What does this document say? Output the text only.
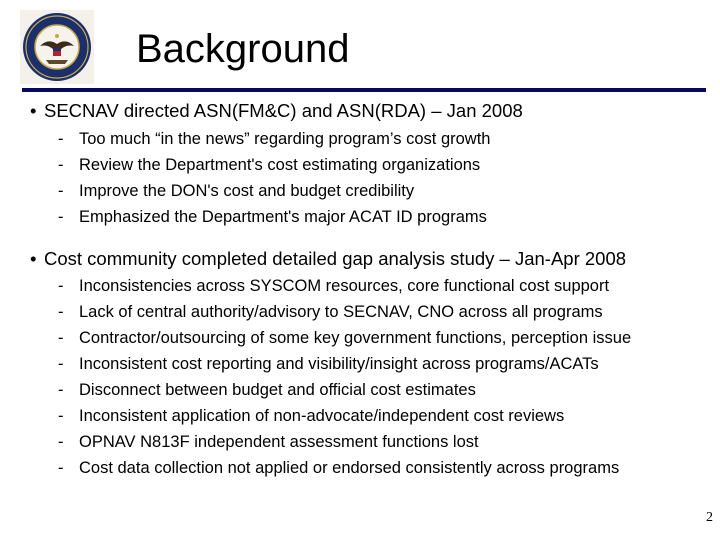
Background
• SECNAV directed ASN(FM&C) and ASN(RDA) – Jan 2008
- Too much “in the news” regarding program’s cost growth
- Review the Department's cost estimating organizations
- Improve the DON's cost and budget credibility
- Emphasized the Department's major ACAT ID programs
• Cost community completed detailed gap analysis study – Jan-Apr 2008
- Inconsistencies across SYSCOM resources, core functional cost support
- Lack of central authority/advisory to SECNAV, CNO across all programs
- Contractor/outsourcing of some key government functions, perception issue
- Inconsistent cost reporting and visibility/insight across programs/ACATs
- Disconnect between budget and official cost estimates
- Inconsistent application of non-advocate/independent cost reviews
- OPNAV N813F independent assessment functions lost
- Cost data collection not applied or endorsed consistently across programs
2
